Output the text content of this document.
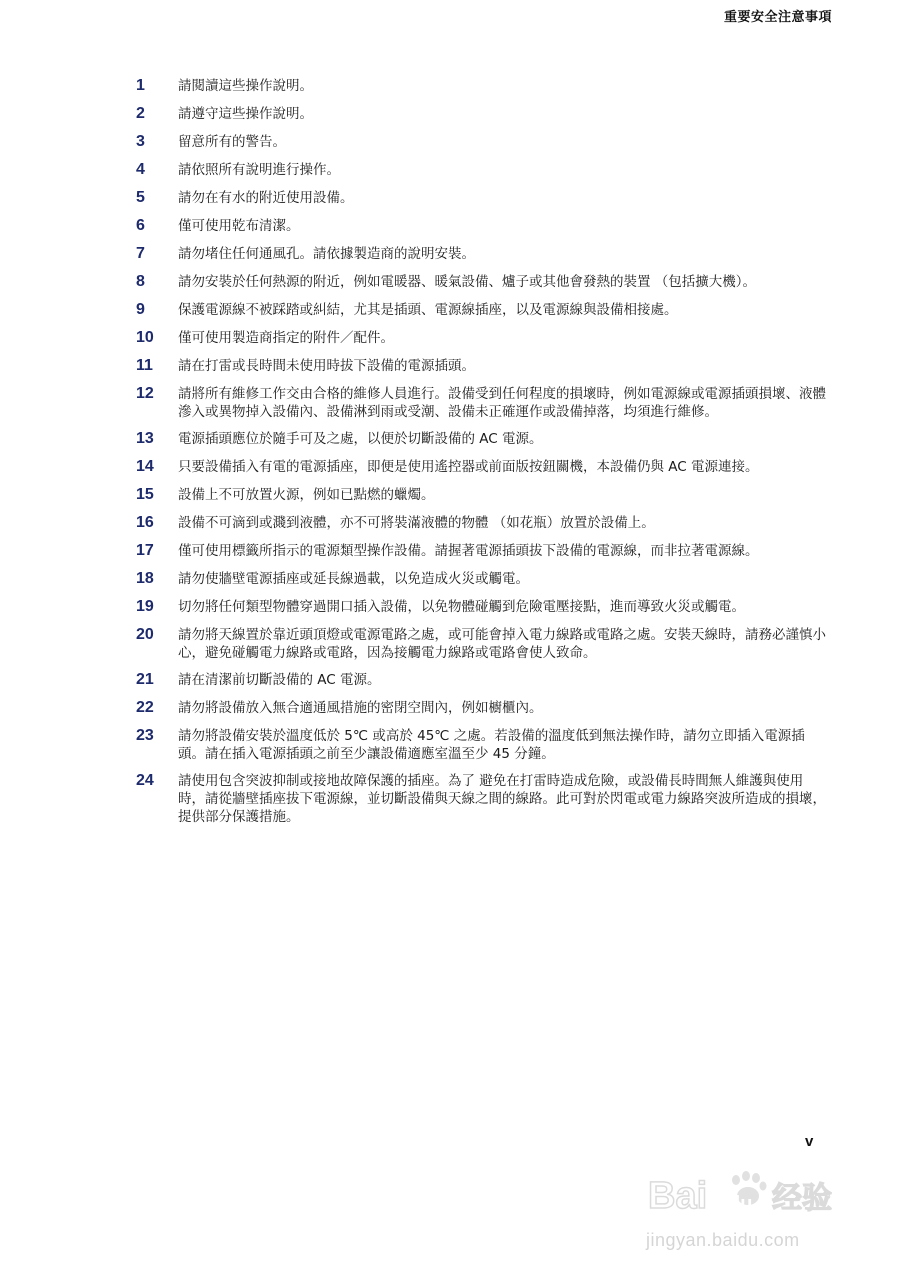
重要安全注意事項
1	請閱讀這些操作說明。
2	請遵守這些操作說明。
3	留意所有的警告。
4	請依照所有說明進行操作。
5	請勿在有水的附近使用設備。
6	僅可使用乾布清潔。
7	請勿堵住任何通風孔。請依據製造商的說明安裝。
8	請勿安裝於任何熱源的附近，例如電暖器、暖氣設備、爐子或其他會發熱的裝置 （包括擴大機）。
9	保護電源線不被踩踏或糾結，尤其是插頭、電源線插座，以及電源線與設備相接處。
10	僅可使用製造商指定的附件／配件。
11	請在打雷或長時間未使用時拔下設備的電源插頭。
12	請將所有維修工作交由合格的維修人員進行。設備受到任何程度的損壞時，例如電源線或電源插頭損壞、液體滲入或異物掉入設備內、設備淋到雨或受潮、設備未正確運作或設備掉落，均須進行維修。
13	電源插頭應位於隨手可及之處，以便於切斷設備的 AC 電源。
14	只要設備插入有電的電源插座，即便是使用遙控器或前面版按鈕關機，本設備仍與 AC 電源連接。
15	設備上不可放置火源，例如已點燃的蠟燭。
16	設備不可滴到或濺到液體，亦不可將裝滿液體的物體 （如花瓶）放置於設備上。
17	僅可使用標籤所指示的電源類型操作設備。請握著電源插頭拔下設備的電源線，而非拉著電源線。
18	請勿使牆壁電源插座或延長線過載，以免造成火災或觸電。
19	切勿將任何類型物體穿過開口插入設備，以免物體碰觸到危險電壓接點，進而導致火災或觸電。
20	請勿將天線置於靠近頭頂燈或電源電路之處，或可能會掉入電力線路或電路之處。安裝天線時，請務必謹慎小心，避免碰觸電力線路或電路，因為接觸電力線路或電路會使人致命。
21	請在清潔前切斷設備的 AC 電源。
22	請勿將設備放入無合適通風措施的密閉空間內，例如櫥櫃內。
23	請勿將設備安裝於溫度低於 5℃ 或高於 45℃ 之處。若設備的溫度低到無法操作時，請勿立即插入電源插頭。請在插入電源插頭之前至少讓設備適應室溫至少 45 分鐘。
24	請使用包含突波抑制或接地故障保護的插座。為了 避免在打雷時造成危險，或設備長時間無人維護與使用時，請從牆壁插座拔下電源線，並切斷設備與天線之間的線路。此可對於閃電或電力線路突波所造成的損壞，提供部分保護措施。
v
Bai du 经验
jingyan.baidu.com
